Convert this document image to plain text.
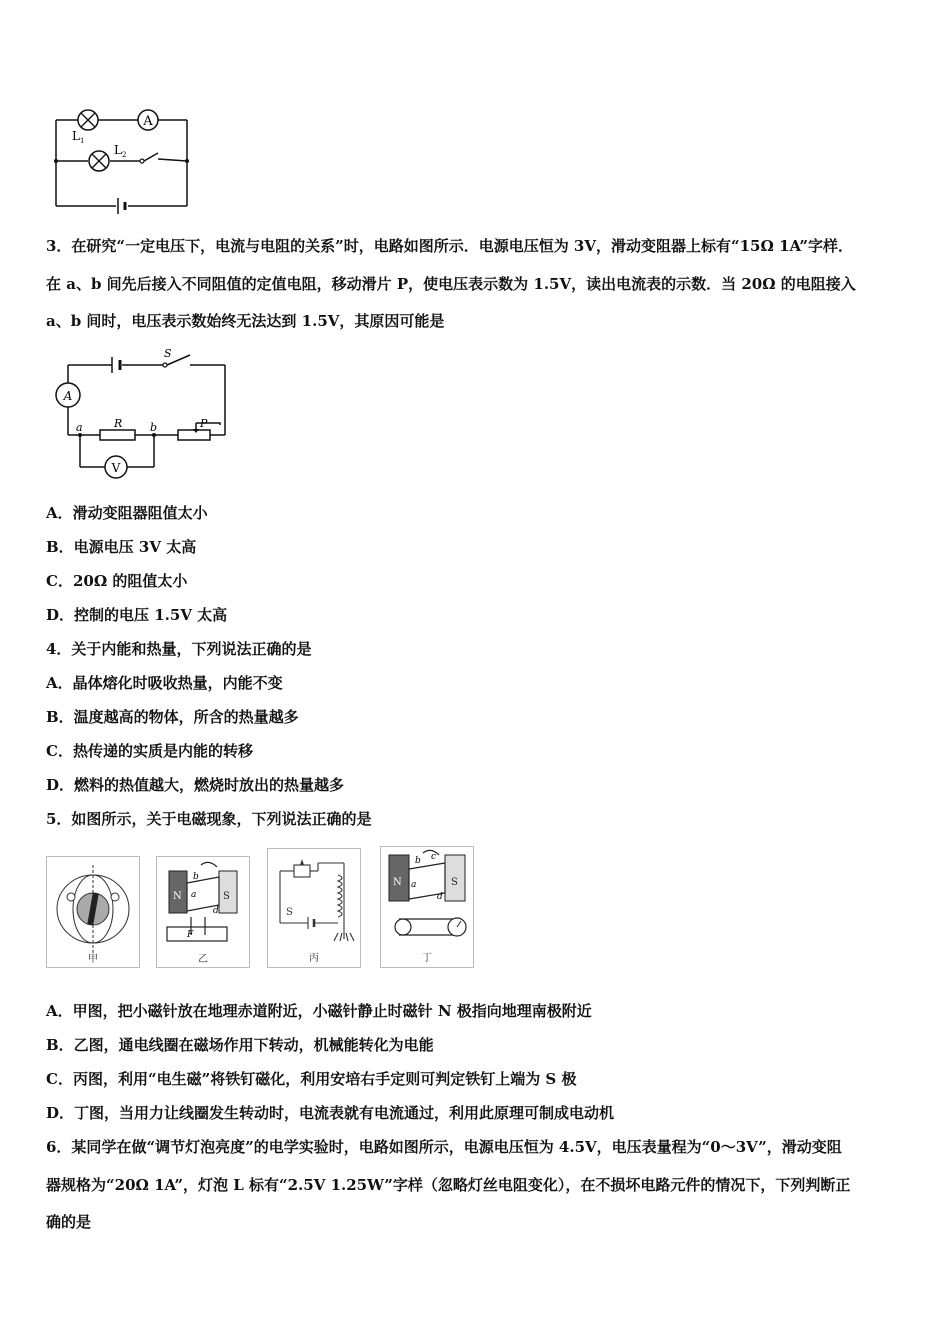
A
$L_1$
$L_2$
3．在研究“一定电压下，电流与电阻的关系”时，电路如图所示．电源电压恒为 3V，滑动变阻器上标有“15Ω 1A”字样．
在 a、b 间先后接入不同阻值的定值电阻，移动滑片 P，使电压表示数为 1.5V，读出电流表的示数．当 20Ω 的电阻接入
a、b 间时，电压表示数始终无法达到 1.5V，其原因可能是
A
V
S
R	P
a	b
A．滑动变阻器阻值太小
B．电源电压 3V 太高
C．20Ω 的阻值太小
D．控制的电压 1.5V 太高
4．关于内能和热量，下列说法正确的是
A．晶体熔化时吸收热量，内能不变
B．温度越高的物体，所含的热量越多
C．热传递的实质是内能的转移
D．燃料的热值越大，燃烧时放出的热量越多
5．如图所示，关于电磁现象，下列说法正确的是
甲
N	S
b
a
d
F
乙
S
丙
N	S
b c
a
d
丁
A．甲图，把小磁针放在地理赤道附近，小磁针静止时磁针 N 极指向地理南极附近
B．乙图，通电线圈在磁场作用下转动，机械能转化为电能
C．丙图，利用“电生磁”将铁钉磁化，利用安培右手定则可判定铁钉上端为 S 极
D．丁图，当用力让线圈发生转动时，电流表就有电流通过，利用此原理可制成电动机
6．某同学在做“调节灯泡亮度”的电学实验时，电路如图所示，电源电压恒为 4.5V，电压表量程为“0～3V”，滑动变阻
器规格为“20Ω 1A”，灯泡 L 标有“2.5V 1.25W”字样（忽略灯丝电阻变化），在不损坏电路元件的情况下，下列判断正
确的是
